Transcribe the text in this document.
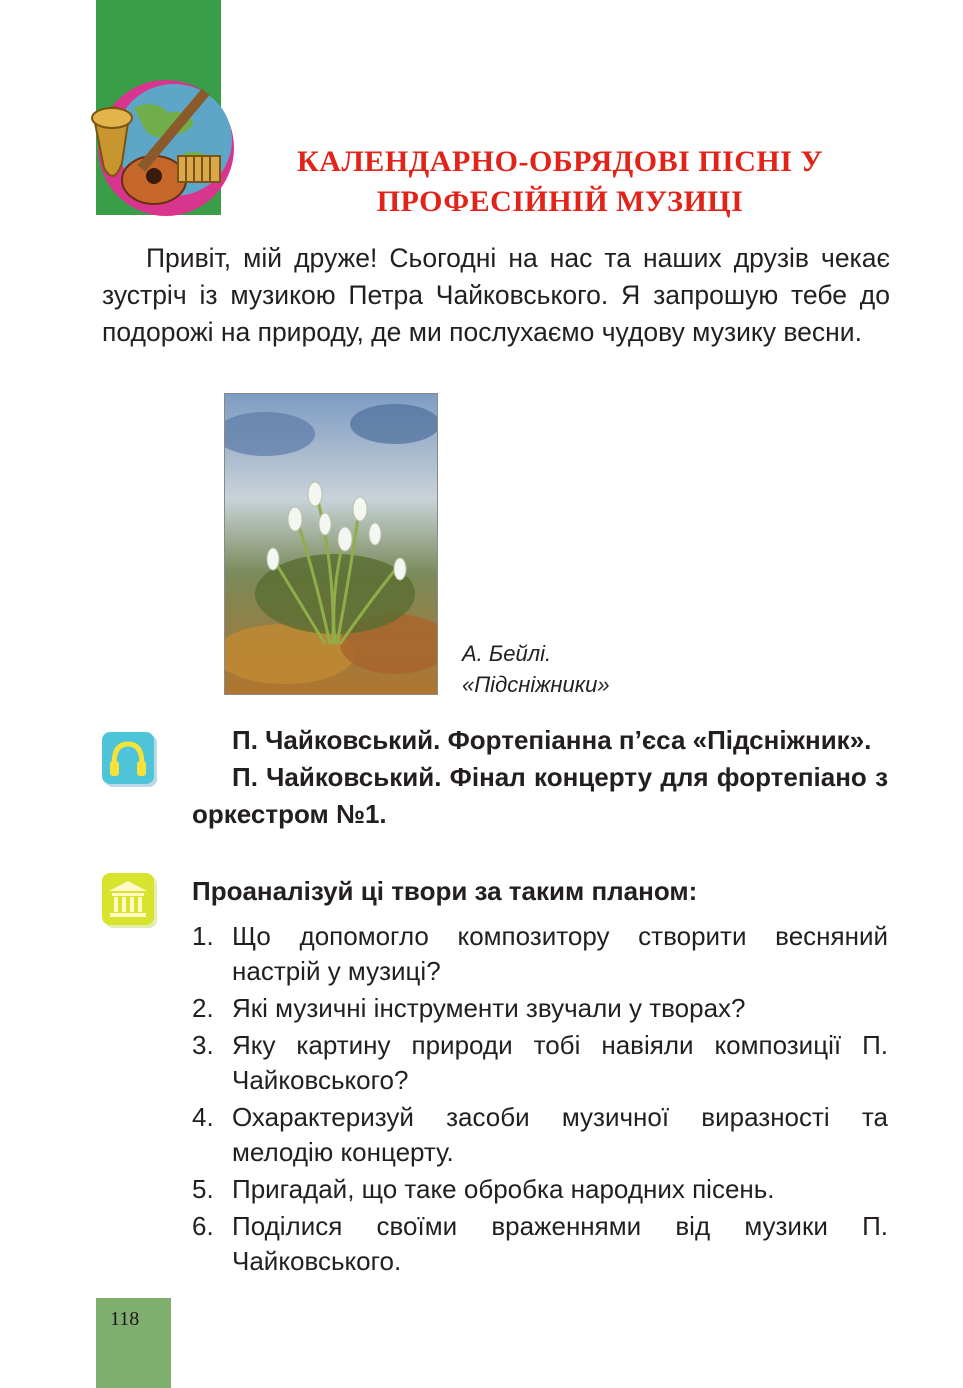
КАЛЕНДАРНО-ОБРЯДОВІ ПІСНІ У
ПРОФЕСІЙНІЙ МУЗИЦІ

Привіт, мій друже! Сьогодні на нас та наших друзів чекає зустріч із музикою Петра Чайковського. Я запрошую тебе до подорожі на природу, де ми послухаємо чудову музику весни.

А. Бейлі.
«Підсніжники»

П. Чайковський. Фортепіанна п’єса «Підсніжник».

П. Чайковський. Фінал концерту для фортепіано з оркестром №1.

Проаналізуй ці твори за таким планом:
1. Що допомогло композитору створити весняний настрій у музиці?
2. Які музичні інструменти звучали у творах?
3. Яку картину природи тобі навіяли композиції П. Чайковського?
4. Охарактеризуй засоби музичної виразності та мелодію концерту.
5. Пригадай, що таке обробка народних пісень.
6. Поділися своїми враженнями від музики П. Чайковського.
118
